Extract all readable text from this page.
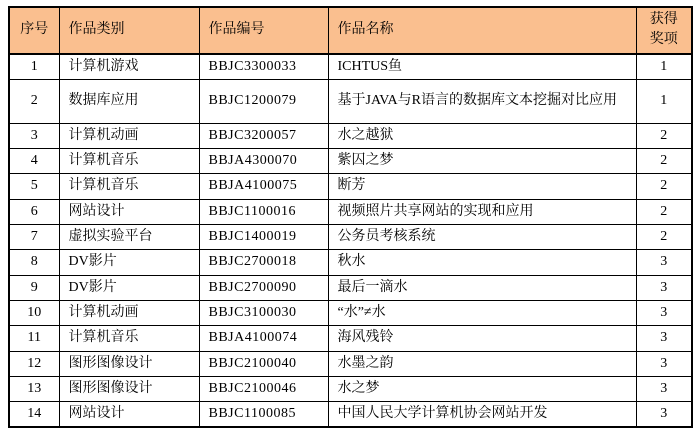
序号	作品类别	作品编号	作品名称	获得奖项
1	计算机游戏	BBJC3300033	ICHTUS鱼	1
2	数据库应用	BBJC1200079	基于JAVA与R语言的数据库文本挖掘对比应用	1
3	计算机动画	BBJC3200057	水之越狱	2
4	计算机音乐	BBJA4300070	紫囚之梦	2
5	计算机音乐	BBJA4100075	断芳	2
6	网站设计	BBJC1100016	视频照片共享网站的实现和应用	2
7	虚拟实验平台	BBJC1400019	公务员考核系统	2
8	DV影片	BBJC2700018	秋水	3
9	DV影片	BBJC2700090	最后一滴水	3
10	计算机动画	BBJC3100030	“水”≠水	3
11	计算机音乐	BBJA4100074	海风残铃	3
12	图形图像设计	BBJC2100040	水墨之韵	3
13	图形图像设计	BBJC2100046	水之梦	3
14	网站设计	BBJC1100085	中国人民大学计算机协会网站开发	3
